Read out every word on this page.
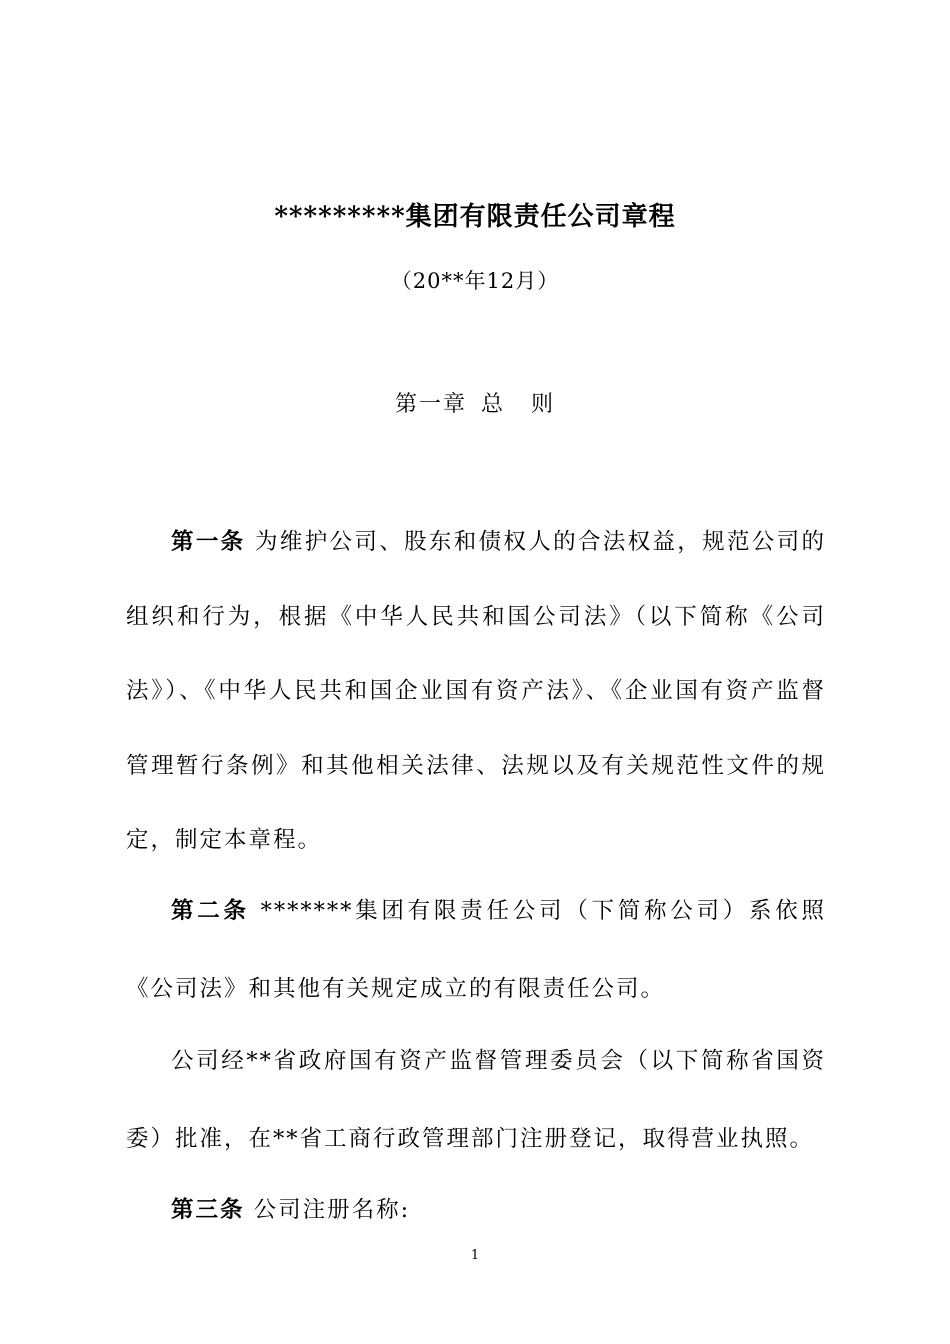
*********集团有限责任公司章程
（20**年12月）
第一章 总 则

第一条 为维护公司、股东和债权人的合法权益，规范公司的组织和行为，根据《中华人民共和国公司法》（以下简称《公司法》）、《中华人民共和国企业国有资产法》、《企业国有资产监督管理暂行条例》和其他相关法律、法规以及有关规范性文件的规定，制定本章程。

第二条 *******集团有限责任公司（下简称公司）系依照《公司法》和其他有关规定成立的有限责任公司。

公司经**省政府国有资产监督管理委员会（以下简称省国资委）批准，在**省工商行政管理部门注册登记，取得营业执照。

第三条 公司注册名称:

1
